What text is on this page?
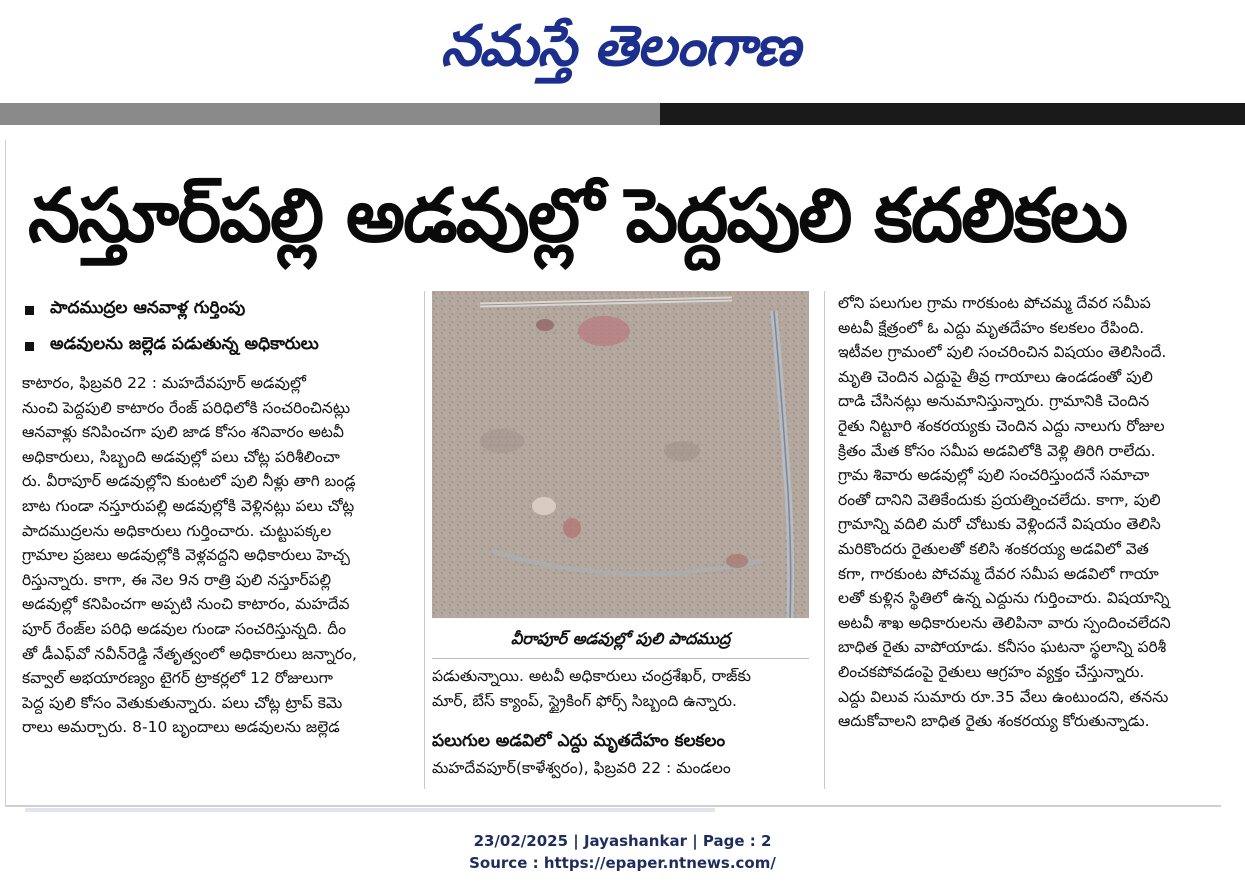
నమస్తే తెలంగాణ
నస్తూర్‌పల్లి అడవుల్లో పెద్దపులి కదలికలు
పాదముద్రల ఆనవాళ్ల గుర్తింపు
అడవులను జల్లెడ పడుతున్న అధికారులు

కాటారం, ఫిబ్రవరి 22 : మహదేవపూర్ అడవుల్లో

నుంచి పెద్దపులి కాటారం రేంజ్ పరిధిలోకి సంచరించినట్లు

ఆనవాళ్లు కనిపించగా పులి జాడ కోసం శనివారం అటవీ

అధికారులు, సిబ్బంది అడవుల్లో పలు చోట్ల పరిశీలించా

రు. వీరాపూర్ అడవుల్లోని కుంటలో పులి నీళ్లు తాగి బండ్ల

బాట గుండా నస్తూరుపల్లి అడవుల్లోకి వెళ్లినట్లు పలు చోట్ల

పాదముద్రలను అధికారులు గుర్తించారు. చుట్టుపక్కల

గ్రామాల ప్రజలు అడవుల్లోకి వెళ్లవద్దని అధికారులు హెచ్చ

రిస్తున్నారు. కాగా, ఈ నెల 9న రాత్రి పులి నస్తూర్‌పల్లి

అడవుల్లో కనిపించగా అప్పటి నుంచి కాటారం, మహదేవ

పూర్ రేంజ్‌ల పరిధి అడవుల గుండా సంచరిస్తున్నది. దీం

తో డీఎఫ్‌వో నవీన్‌రెడ్డి నేతృత్వంలో అధికారులు జన్నారం,

కవ్వాల్ అభయారణ్యం టైగర్ ట్రాకర్లలో 12 రోజులుగా

పెద్ద పులి కోసం వెతుకుతున్నారు. పలు చోట్ల ట్రాప్ కెమె

రాలు అమర్చారు. 8-10 బృందాలు అడవులను జల్లెడ

వీరాపూర్ అడవుల్లో పులి పాదముద్ర

పడుతున్నాయి. అటవీ అధికారులు చంద్రశేఖర్, రాజ్‌కు

మార్, బేస్ క్యాంప్, స్ట్రైకింగ్ ఫోర్స్ సిబ్బంది ఉన్నారు.

పలుగుల అడవిలో ఎద్దు మృతదేహం కలకలం

మహదేవపూర్(కాళేశ్వరం), ఫిబ్రవరి 22 : మండలం

లోని పలుగుల గ్రామ గారకుంట పోచమ్మ దేవర సమీప

అటవీ క్షేత్రంలో ఓ ఎద్దు మృతదేహం కలకలం రేపింది.

ఇటీవల గ్రామంలో పులి సంచరించిన విషయం తెలిసిందే.

మృతి చెందిన ఎద్దుపై తీవ్ర గాయాలు ఉండడంతో పులి

దాడి చేసినట్లు అనుమానిస్తున్నారు. గ్రామానికి చెందిన

రైతు నిట్టూరి శంకరయ్యకు చెందిన ఎద్దు నాలుగు రోజుల

క్రితం మేత కోసం సమీప అడవిలోకి వెళ్లి తిరిగి రాలేదు.

గ్రామ శివారు అడవుల్లో పులి సంచరిస్తుందనే సమాచా

రంతో దానిని వెతికేందుకు ప్రయత్నించలేదు. కాగా, పులి

గ్రామాన్ని వదిలి మరో చోటుకు వెళ్లిందనే విషయం తెలిసి

మరికొందరు రైతులతో కలిసి శంకరయ్య అడవిలో వెత

కగా, గారకుంట పోచమ్మ దేవర సమీప అడవిలో గాయా

లతో కుళ్లిన స్థితిలో ఉన్న ఎద్దును గుర్తించారు. విషయాన్ని

అటవీ శాఖ అధికారులను తెలిపినా వారు స్పందించలేదని

బాధిత రైతు వాపోయాడు. కనీసం ఘటనా స్థలాన్ని పరిశీ

లించకపోవడంపై రైతులు ఆగ్రహం వ్యక్తం చేస్తున్నారు.

ఎద్దు విలువ సుమారు రూ.35 వేలు ఉంటుందని, తనను

ఆదుకోవాలని బాధిత రైతు శంకరయ్య కోరుతున్నాడు.

23/02/2025 | Jayashankar | Page : 2
Source : https://epaper.ntnews.com/
